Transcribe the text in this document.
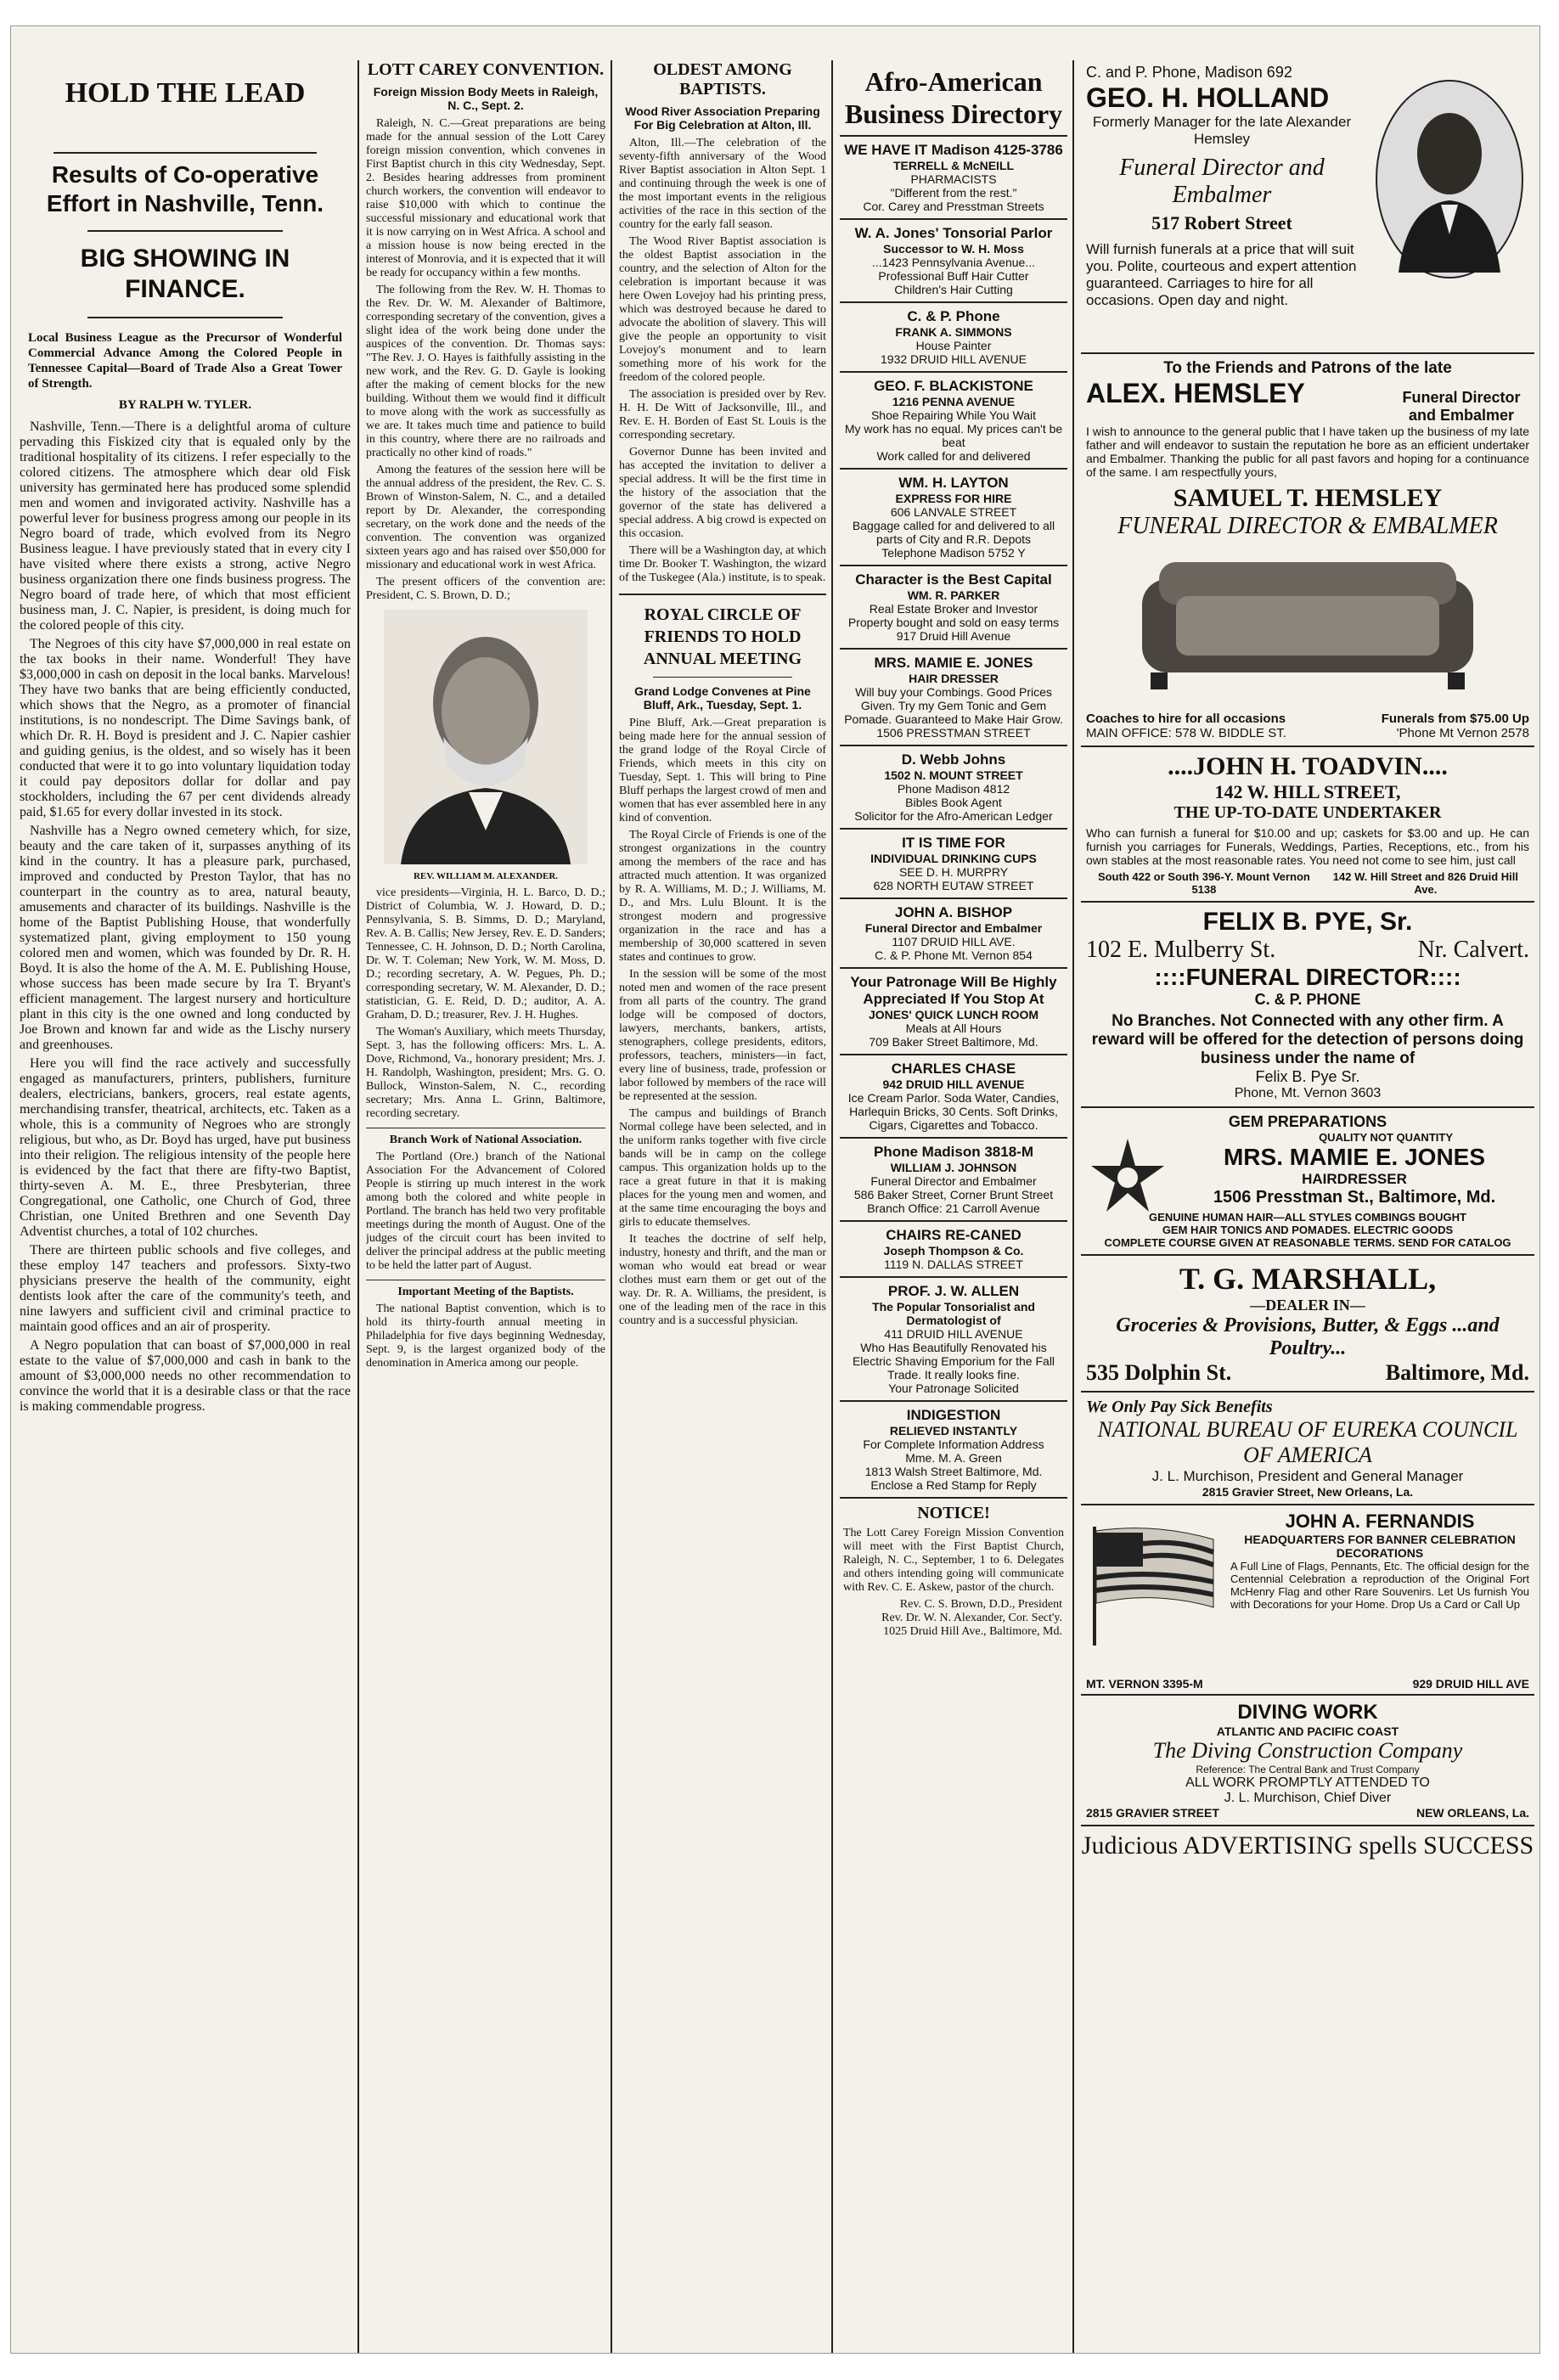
HOLD THE LEAD
Results of Co-operative Effort in Nashville, Tenn.
BIG SHOWING IN FINANCE.
Local Business League as the Precursor of Wonderful Commercial Advance Among the Colored People in Tennessee Capital—Board of Trade Also a Great Tower of Strength.
BY RALPH W. TYLER.

Nashville, Tenn.—There is a delightful aroma of culture pervading this Fiskized city that is equaled only by the traditional hospitality of its citizens. I refer especially to the colored citizens. The atmosphere which dear old Fisk university has germinated here has produced some splendid men and women and invigorated activity. Nashville has a powerful lever for business progress among our people in its Negro board of trade, which evolved from its Negro Business league. I have previously stated that in every city I have visited where there exists a strong, active Negro business organization there one finds business progress. The Negro board of trade here, of which that most efficient business man, J. C. Napier, is president, is doing much for the colored people of this city.

The Negroes of this city have $7,000,000 in real estate on the tax books in their name. Wonderful! They have $3,000,000 in cash on deposit in the local banks. Marvelous! They have two banks that are being efficiently conducted, which shows that the Negro, as a promoter of financial institutions, is no nondescript. The Dime Savings bank, of which Dr. R. H. Boyd is president and J. C. Napier cashier and guiding genius, is the oldest, and so wisely has it been conducted that were it to go into voluntary liquidation today it could pay depositors dollar for dollar and pay stockholders, including the 67 per cent dividends already paid, $1.65 for every dollar invested in its stock.

Nashville has a Negro owned cemetery which, for size, beauty and the care taken of it, surpasses anything of its kind in the country. It has a pleasure park, purchased, improved and conducted by Preston Taylor, that has no counterpart in the country as to area, natural beauty, amusements and character of its buildings. Nashville is the home of the Baptist Publishing House, that wonderfully systematized plant, giving employment to 150 young colored men and women, which was founded by Dr. R. H. Boyd. It is also the home of the A. M. E. Publishing House, whose success has been made secure by Ira T. Bryant's efficient management. The largest nursery and horticulture plant in this city is the one owned and long conducted by Joe Brown and known far and wide as the Lischy nursery and greenhouses.

Here you will find the race actively and successfully engaged as manufacturers, printers, publishers, furniture dealers, electricians, bankers, grocers, real estate agents, merchandising transfer, theatrical, architects, etc. Taken as a whole, this is a community of Negroes who are strongly religious, but who, as Dr. Boyd has urged, have put business into their religion. The religious intensity of the people here is evidenced by the fact that there are fifty-two Baptist, thirty-seven A. M. E., three Presbyterian, three Congregational, one Catholic, one Church of God, three Christian, one United Brethren and one Seventh Day Adventist churches, a total of 102 churches.

There are thirteen public schools and five colleges, and these employ 147 teachers and professors. Sixty-two physicians preserve the health of the community, eight dentists look after the care of the community's teeth, and nine lawyers and sufficient civil and criminal practice to maintain good offices and an air of prosperity.

A Negro population that can boast of $7,000,000 in real estate to the value of $7,000,000 and cash in bank to the amount of $3,000,000 needs no other recommendation to convince the world that it is a desirable class or that the race is making commendable progress.

LOTT CAREY CONVENTION.
Foreign Mission Body Meets in Raleigh, N. C., Sept. 2.

Raleigh, N. C.—Great preparations are being made for the annual session of the Lott Carey foreign mission convention, which convenes in First Baptist church in this city Wednesday, Sept. 2. Besides hearing addresses from prominent church workers, the convention will endeavor to raise $10,000 with which to continue the successful missionary and educational work that it is now carrying on in West Africa. A school and a mission house is now being erected in the interest of Monrovia, and it is expected that it will be ready for occupancy within a few months.

The following from the Rev. W. H. Thomas to the Rev. Dr. W. M. Alexander of Baltimore, corresponding secretary of the convention, gives a slight idea of the work being done under the auspices of the convention. Dr. Thomas says: "The Rev. J. O. Hayes is faithfully assisting in the new work, and the Rev. G. D. Gayle is looking after the making of cement blocks for the new building. Without them we would find it difficult to move along with the work as successfully as we are. It takes much time and patience to build in this country, where there are no railroads and practically no other kind of roads."

Among the features of the session here will be the annual address of the president, the Rev. C. S. Brown of Winston-Salem, N. C., and a detailed report by Dr. Alexander, the corresponding secretary, on the work done and the needs of the convention. The convention was organized sixteen years ago and has raised over $50,000 for missionary and educational work in west Africa.

The present officers of the convention are: President, C. S. Brown, D. D.;

REV. WILLIAM M. ALEXANDER.

vice presidents—Virginia, H. L. Barco, D. D.; District of Columbia, W. J. Howard, D. D.; Pennsylvania, S. B. Simms, D. D.; Maryland, Rev. A. B. Callis; New Jersey, Rev. E. D. Sanders; Tennessee, C. H. Johnson, D. D.; North Carolina, Dr. W. T. Coleman; New York, W. M. Moss, D. D.; recording secretary, A. W. Pegues, Ph. D.; corresponding secretary, W. M. Alexander, D. D.; statistician, G. E. Reid, D. D.; auditor, A. A. Graham, D. D.; treasurer, Rev. J. H. Hughes.

The Woman's Auxiliary, which meets Thursday, Sept. 3, has the following officers: Mrs. L. A. Dove, Richmond, Va., honorary president; Mrs. J. H. Randolph, Washington, president; Mrs. G. O. Bullock, Winston-Salem, N. C., recording secretary; Mrs. Anna L. Grinn, Baltimore, recording secretary.

Branch Work of National Association.

The Portland (Ore.) branch of the National Association For the Advancement of Colored People is stirring up much interest in the work among both the colored and white people in Portland. The branch has held two very profitable meetings during the month of August. One of the judges of the circuit court has been invited to deliver the principal address at the public meeting to be held the latter part of August.

Important Meeting of the Baptists.

The national Baptist convention, which is to hold its thirty-fourth annual meeting in Philadelphia for five days beginning Wednesday, Sept. 9, is the largest organized body of the denomination in America among our people.

OLDEST AMONG BAPTISTS.
Wood River Association Preparing For Big Celebration at Alton, Ill.

Alton, Ill.—The celebration of the seventy-fifth anniversary of the Wood River Baptist association in Alton Sept. 1 and continuing through the week is one of the most important events in the religious activities of the race in this section of the country for the early fall season.

The Wood River Baptist association is the oldest Baptist association in the country, and the selection of Alton for the celebration is important because it was here Owen Lovejoy had his printing press, which was destroyed because he dared to advocate the abolition of slavery. This will give the people an opportunity to visit Lovejoy's monument and to learn something more of his work for the freedom of the colored people.

The association is presided over by Rev. H. H. De Witt of Jacksonville, Ill., and Rev. E. H. Borden of East St. Louis is the corresponding secretary.

Governor Dunne has been invited and has accepted the invitation to deliver a special address. It will be the first time in the history of the association that the governor of the state has delivered a special address. A big crowd is expected on this occasion.

There will be a Washington day, at which time Dr. Booker T. Washington, the wizard of the Tuskegee (Ala.) institute, is to speak.

ROYAL CIRCLE OF FRIENDS TO HOLD ANNUAL MEETING
Grand Lodge Convenes at Pine Bluff, Ark., Tuesday, Sept. 1.

Pine Bluff, Ark.—Great preparation is being made here for the annual session of the grand lodge of the Royal Circle of Friends, which meets in this city on Tuesday, Sept. 1. This will bring to Pine Bluff perhaps the largest crowd of men and women that has ever assembled here in any kind of convention.

The Royal Circle of Friends is one of the strongest organizations in the country among the members of the race and has attracted much attention. It was organized by R. A. Williams, M. D.; J. Williams, M. D., and Mrs. Lulu Blount. It is the strongest modern and progressive organization in the race and has a membership of 30,000 scattered in seven states and continues to grow.

In the session will be some of the most noted men and women of the race present from all parts of the country. The grand lodge will be composed of doctors, lawyers, merchants, bankers, artists, stenographers, college presidents, editors, professors, teachers, ministers—in fact, every line of business, trade, profession or labor followed by members of the race will be represented at the session.

The campus and buildings of Branch Normal college have been selected, and in the uniform ranks together with five circle bands will be in camp on the college campus. This organization holds up to the race a great future in that it is making places for the young men and women, and at the same time encouraging the boys and girls to educate themselves.

It teaches the doctrine of self help, industry, honesty and thrift, and the man or woman who would eat bread or wear clothes must earn them or get out of the way. Dr. R. A. Williams, the president, is one of the leading men of the race in this country and is a successful physician.

Afro-American Business Directory
WE HAVE IT Madison 4125-3786
TERRELL & McNEILL
PHARMACISTS
"Different from the rest."
Cor. Carey and Presstman Streets
W. A. Jones' Tonsorial Parlor
Successor to W. H. Moss
...1423 Pennsylvania Avenue...
Professional Buff Hair Cutter
Children's Hair Cutting
C. & P. Phone
FRANK A. SIMMONS
House Painter
1932 DRUID HILL AVENUE
GEO. F. BLACKISTONE
1216 PENNA AVENUE
Shoe Repairing While You Wait
My work has no equal. My prices can't be beat
Work called for and delivered
WM. H. LAYTON
EXPRESS FOR HIRE
606 LANVALE STREET
Baggage called for and delivered to all parts of City and R.R. Depots
Telephone Madison 5752 Y
Character is the Best Capital
WM. R. PARKER
Real Estate Broker and Investor
Property bought and sold on easy terms
917 Druid Hill Avenue
MRS. MAMIE E. JONES
HAIR DRESSER
Will buy your Combings. Good Prices Given. Try my Gem Tonic and Gem Pomade. Guaranteed to Make Hair Grow. 1506 PRESSTMAN STREET
D. Webb Johns
1502 N. MOUNT STREET
Phone Madison 4812
Bibles Book Agent
Solicitor for the Afro-American Ledger
IT IS TIME FOR
INDIVIDUAL DRINKING CUPS
SEE D. H. MURPRY
628 NORTH EUTAW STREET
JOHN A. BISHOP
Funeral Director and Embalmer
1107 DRUID HILL AVE.
C. & P. Phone Mt. Vernon 854
Your Patronage Will Be Highly Appreciated If You Stop At
JONES' QUICK LUNCH ROOM
Meals at All Hours
709 Baker Street Baltimore, Md.
CHARLES CHASE
942 DRUID HILL AVENUE
Ice Cream Parlor. Soda Water, Candies, Harlequin Bricks, 30 Cents. Soft Drinks, Cigars, Cigarettes and Tobacco.
Phone Madison 3818-M
WILLIAM J. JOHNSON
Funeral Director and Embalmer
586 Baker Street, Corner Brunt Street
Branch Office: 21 Carroll Avenue
CHAIRS RE-CANED
Joseph Thompson & Co.
1119 N. DALLAS STREET
PROF. J. W. ALLEN
The Popular Tonsorialist and Dermatologist of
411 DRUID HILL AVENUE
Who Has Beautifully Renovated his Electric Shaving Emporium for the Fall Trade. It really looks fine.
Your Patronage Solicited
INDIGESTION
RELIEVED INSTANTLY
For Complete Information Address
Mme. M. A. Green
1813 Walsh Street Baltimore, Md.
Enclose a Red Stamp for Reply
NOTICE!
The Lott Carey Foreign Mission Convention will meet with the First Baptist Church, Raleigh, N. C., September, 1 to 6. Delegates and others intending going will communicate with Rev. C. E. Askew, pastor of the church.
Rev. C. S. Brown, D.D., President
Rev. Dr. W. N. Alexander, Cor. Sect'y.
1025 Druid Hill Ave., Baltimore, Md.
C. and P. Phone, Madison 692
GEO. H. HOLLAND
Formerly Manager for the late Alexander Hemsley
Funeral Director and Embalmer
517 Robert Street
Will furnish funerals at a price that will suit you. Polite, courteous and expert attention guaranteed. Carriages to hire for all occasions. Open day and night.
To the Friends and Patrons of the late
ALEX. HEMSLEY	Funeral Director and Embalmer
I wish to announce to the general public that I have taken up the business of my late father and will endeavor to sustain the reputation he bore as an efficient undertaker and Embalmer. Thanking the public for all past favors and hoping for a continuance of the same. I am respectfully yours,
SAMUEL T. HEMSLEY
FUNERAL DIRECTOR & EMBALMER
Coaches to hire for all occasions	Funerals from $75.00 Up
MAIN OFFICE: 578 W. BIDDLE ST.	'Phone Mt Vernon 2578
....JOHN H. TOADVIN....
142 W. HILL STREET,
THE UP-TO-DATE UNDERTAKER
Who can furnish a funeral for $10.00 and up; caskets for $3.00 and up. He can furnish you carriages for Funerals, Weddings, Parties, Receptions, etc., from his own stables at the most reasonable rates. You need not come to see him, just call
South 422 or South 396-Y. Mount Vernon 5138
142 W. Hill Street and 826 Druid Hill Ave.
FELIX B. PYE, Sr.
102 E. Mulberry St.	Nr. Calvert.
::::FUNERAL DIRECTOR::::
C. & P. PHONE
No Branches. Not Connected with any other firm. A reward will be offered for the detection of persons doing business under the name of
Felix B. Pye Sr.
Phone, Mt. Vernon 3603
GEM PREPARATIONS
QUALITY NOT QUANTITY
MRS. MAMIE E. JONES
HAIRDRESSER
1506 Presstman St., Baltimore, Md.
GENUINE HUMAN HAIR—ALL STYLES COMBINGS BOUGHT
GEM HAIR TONICS AND POMADES. ELECTRIC GOODS
COMPLETE COURSE GIVEN AT REASONABLE TERMS. SEND FOR CATALOG
T. G. MARSHALL,
—DEALER IN—
Groceries & Provisions, Butter, & Eggs ...and Poultry...
535 Dolphin St.	Baltimore, Md.
We Only Pay Sick Benefits
NATIONAL BUREAU OF EUREKA COUNCIL OF AMERICA
J. L. Murchison, President and General Manager
2815 Gravier Street, New Orleans, La.
JOHN A. FERNANDIS
HEADQUARTERS FOR BANNER CELEBRATION DECORATIONS
A Full Line of Flags, Pennants, Etc. The official design for the Centennial Celebration a reproduction of the Original Fort McHenry Flag and other Rare Souvenirs. Let Us furnish You with Decorations for your Home. Drop Us a Card or Call Up
MT. VERNON 3395-M	929 DRUID HILL AVE
DIVING WORK
ATLANTIC AND PACIFIC COAST
The Diving Construction Company
Reference: The Central Bank and Trust Company
ALL WORK PROMPTLY ATTENDED TO
J. L. Murchison, Chief Diver
2815 GRAVIER STREET	NEW ORLEANS, La.
Judicious ADVERTISING spells SUCCESS
